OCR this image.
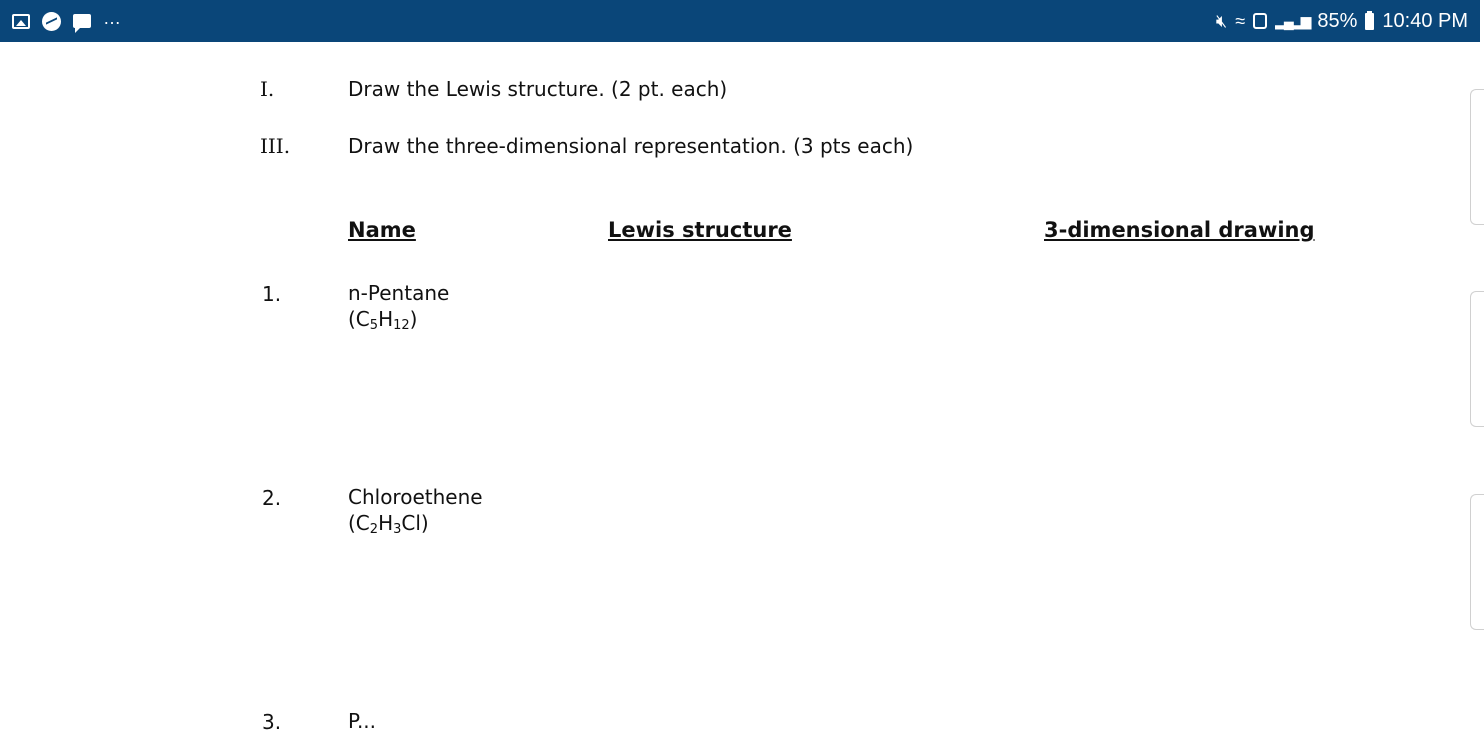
…	🔇︎ ≈ ▂▄▂▆ 85% 10:40 PM
I.	Draw the Lewis structure. (2 pt. each)
III.	Draw the three-dimensional representation. (3 pts each)
Name	Lewis structure	3-dimensional drawing
1.	n-Pentane
$(C_5H_{12})$
2.	Chloroethene
$(C_2H_3Cl)$
3.	P...
